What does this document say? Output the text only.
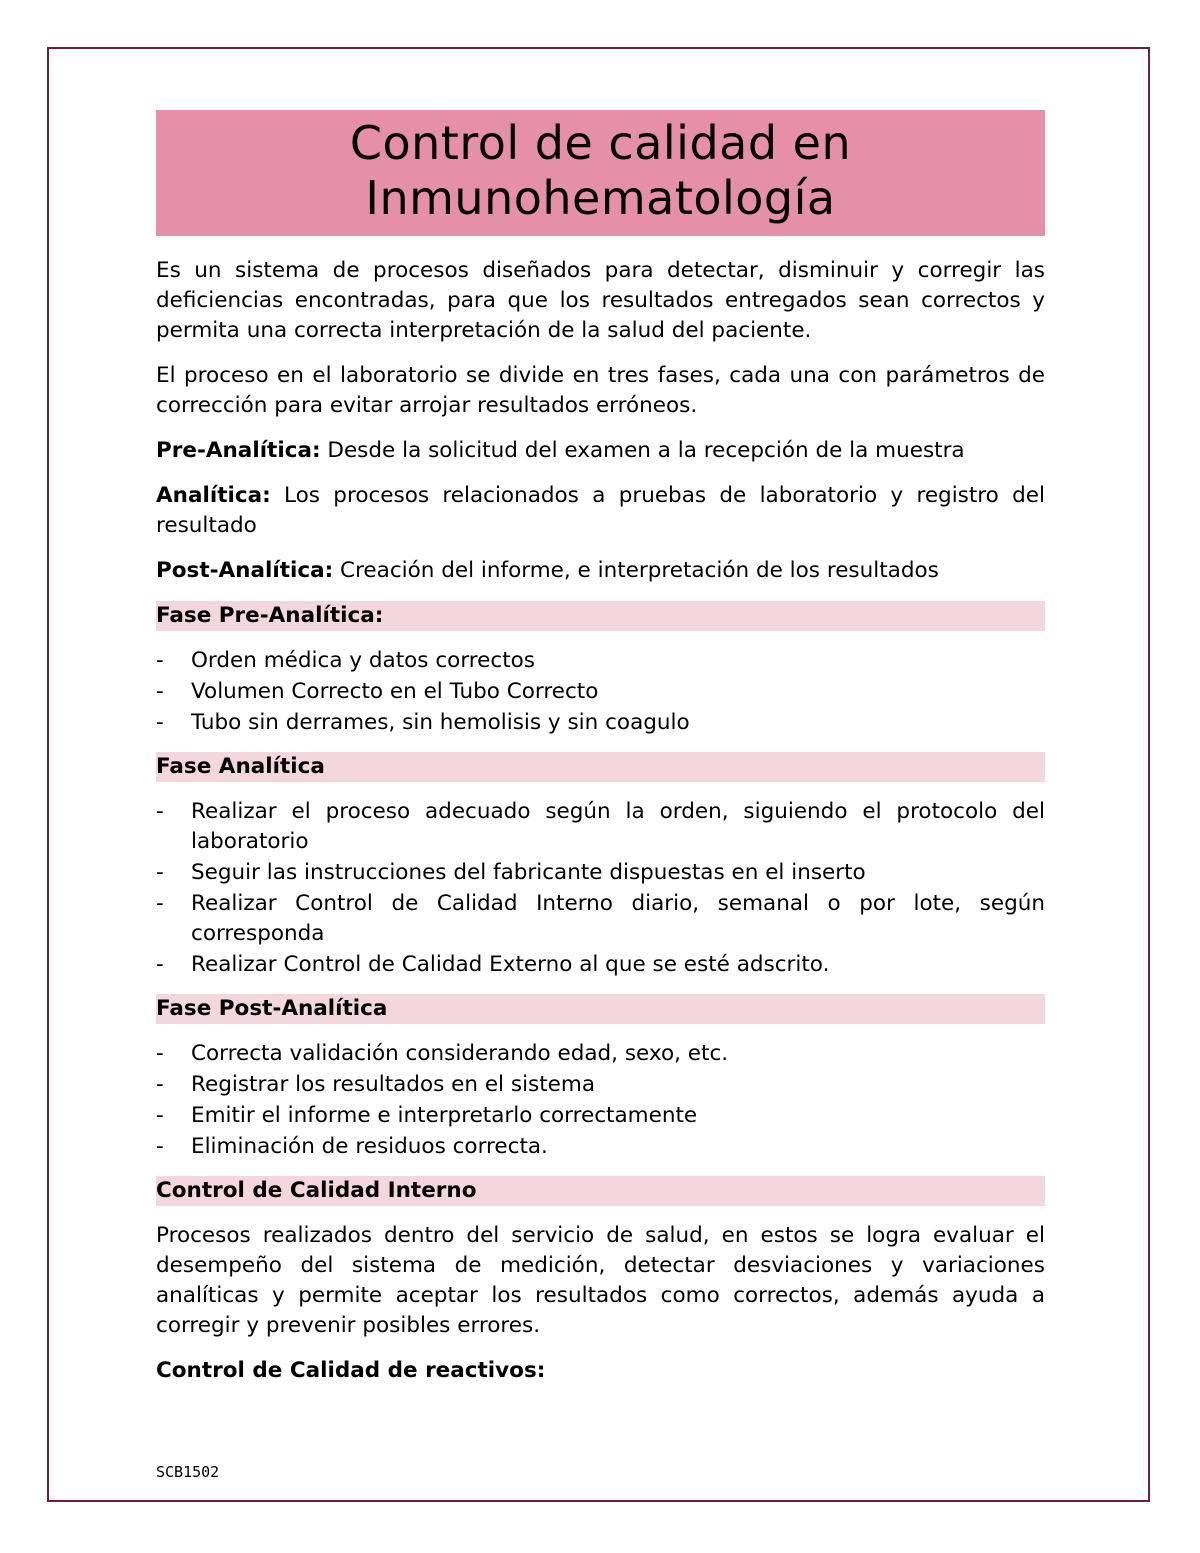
Control de calidad en
Inmunohematología

Es un sistema de procesos diseñados para detectar, disminuir y corregir las deficiencias encontradas, para que los resultados entregados sean correctos y permita una correcta interpretación de la salud del paciente.

El proceso en el laboratorio se divide en tres fases, cada una con parámetros de corrección para evitar arrojar resultados erróneos.

Pre-Analítica: Desde la solicitud del examen a la recepción de la muestra

Analítica: Los procesos relacionados a pruebas de laboratorio y registro del resultado

Post-Analítica: Creación del informe, e interpretación de los resultados

Fase Pre-Analítica:
- Orden médica y datos correctos
- Volumen Correcto en el Tubo Correcto
- Tubo sin derrames, sin hemolisis y sin coagulo
Fase Analítica
- Realizar el proceso adecuado según la orden, siguiendo el protocolo del laboratorio
- Seguir las instrucciones del fabricante dispuestas en el inserto
- Realizar Control de Calidad Interno diario, semanal o por lote, según corresponda
- Realizar Control de Calidad Externo al que se esté adscrito.
Fase Post-Analítica
- Correcta validación considerando edad, sexo, etc.
- Registrar los resultados en el sistema
- Emitir el informe e interpretarlo correctamente
- Eliminación de residuos correcta.
Control de Calidad Interno

Procesos realizados dentro del servicio de salud, en estos se logra evaluar el desempeño del sistema de medición, detectar desviaciones y variaciones analíticas y permite aceptar los resultados como correctos, además ayuda a corregir y prevenir posibles errores.

Control de Calidad de reactivos:

SCB1502
